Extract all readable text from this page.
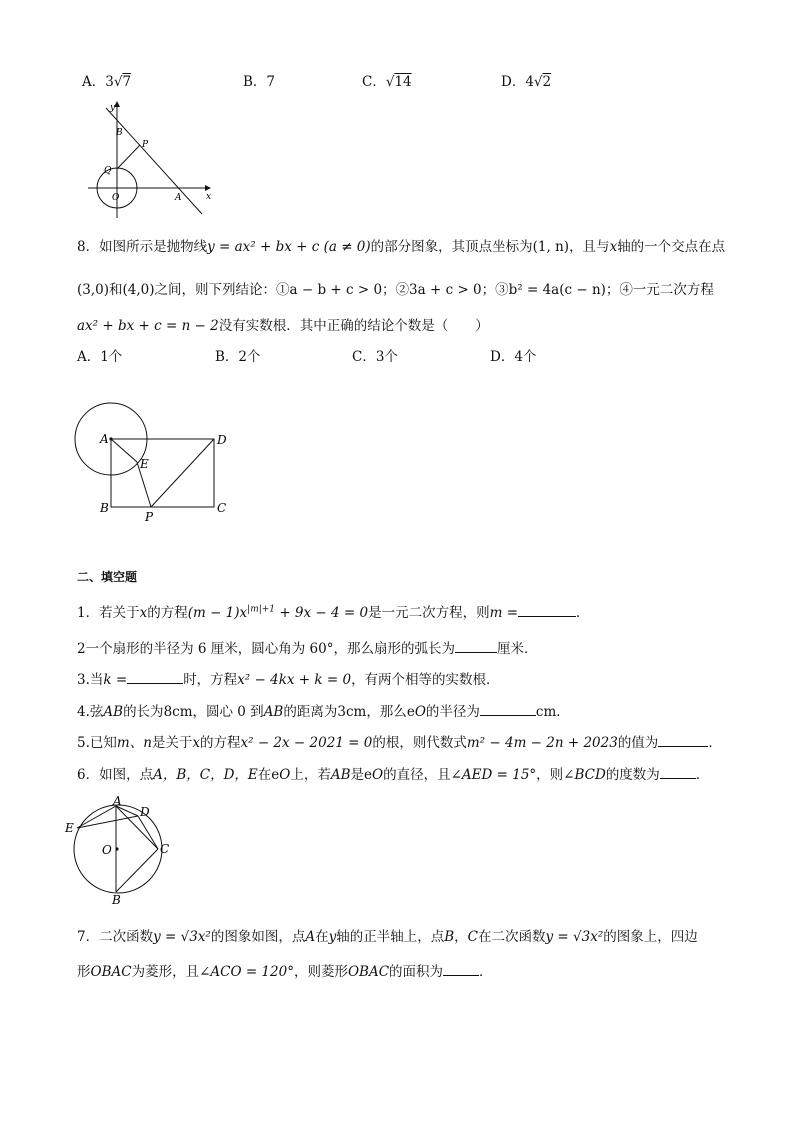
A．3√7	B．7	C．√14	D．4√2
y
x
B
P
Q
O	A
8．如图所示是抛物线y = ax² + bx + c (a ≠ 0)的部分图象，其顶点坐标为(1, n)，且与x轴的一个交点在点
(3,0)和(4,0)之间，则下列结论：①a − b + c > 0；②3a + c > 0；③b² = 4a(c − n)；④一元二次方程
ax² + bx + c = n − 2没有实数根．其中正确的结论个数是（　　）
A．1个	B．2个	C．3个	D．4个
A	D
E
B
P
C
二、填空题
1．若关于x的方程$(m - 1)x^{|m|+1} + 9x - 4 = 0$是一元二次方程，则m =	．
2一个扇形的半径为 6 厘米，圆心角为 60°，那么扇形的弧长为	厘米．
3.当k =	时，方程x² − 4kx + k = 0，有两个相等的实数根．
4.弦AB的长为8cm，圆心 0 到AB的距离为3cm，那么eO的半径为	cm．
5.已知m、n是关于x的方程x² − 2x − 2021 = 0的根，则代数式m² − 4m − 2n + 2023的值为	．
6．如图，点A，B，C，D，E在eO上，若AB是eO的直径，且∠AED = 15°，则∠BCD的度数为	．
A
D
E
O	C
B
7．二次函数y = √3x²的图象如图，点A在y轴的正半轴上，点B，C在二次函数y = √3x²的图象上，四边
形OBAC为菱形，且∠ACO = 120°，则菱形OBAC的面积为	．
